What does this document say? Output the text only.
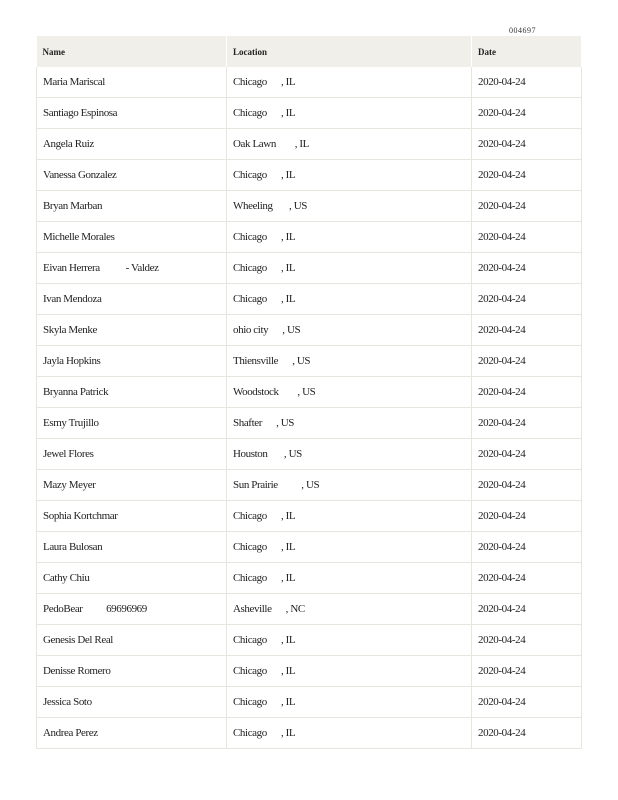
004697
Name	Location	Date
Maria Mariscal	Chicago      , IL	2020-04-24
Santiago Espinosa	Chicago      , IL	2020-04-24
Angela Ruiz	Oak Lawn        , IL	2020-04-24
Vanessa Gonzalez	Chicago      , IL	2020-04-24
Bryan Marban	Wheeling       , US	2020-04-24
Michelle Morales	Chicago      , IL	2020-04-24
Eivan Herrera           - Valdez	Chicago      , IL	2020-04-24
Ivan Mendoza	Chicago      , IL	2020-04-24
Skyla Menke	ohio city      , US	2020-04-24
Jayla Hopkins	Thiensville      , US	2020-04-24
Bryanna Patrick	Woodstock        , US	2020-04-24
Esmy Trujillo	Shafter      , US	2020-04-24
Jewel Flores	Houston       , US	2020-04-24
Mazy Meyer	Sun Prairie          , US	2020-04-24
Sophia Kortchmar	Chicago      , IL	2020-04-24
Laura Bulosan	Chicago      , IL	2020-04-24
Cathy Chiu	Chicago      , IL	2020-04-24
PedoBear          69696969	Asheville      , NC	2020-04-24
Genesis Del Real	Chicago      , IL	2020-04-24
Denisse Romero	Chicago      , IL	2020-04-24
Jessica Soto	Chicago      , IL	2020-04-24
Andrea Perez	Chicago      , IL	2020-04-24
